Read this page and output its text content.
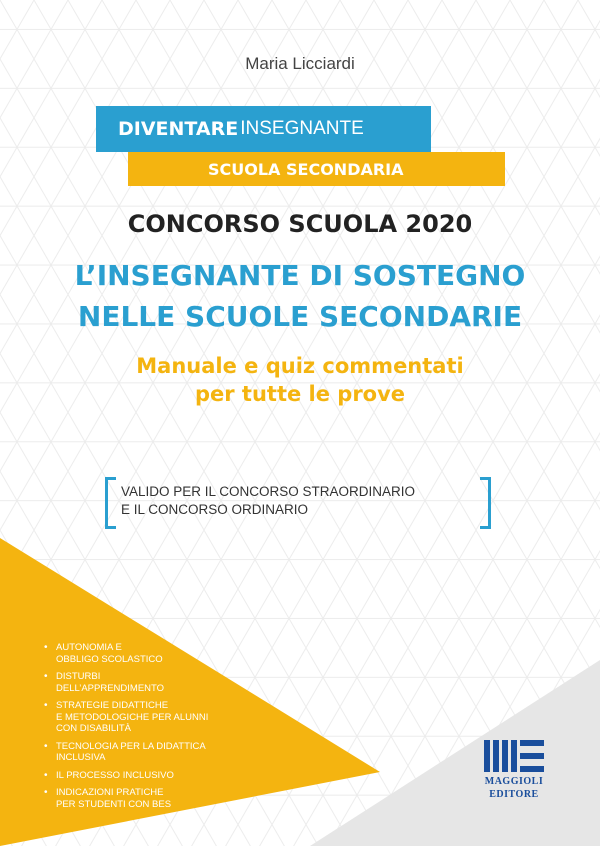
Maria Licciardi
DIVENTARE INSEGNANTE
SCUOLA SECONDARIA
CONCORSO SCUOLA 2020
L’INSEGNANTE DI SOSTEGNO
NELLE SCUOLE SECONDARIE
Manuale e quiz commentati
per tutte le prove
VALIDO PER IL CONCORSO STRAORDINARIO
E IL CONCORSO ORDINARIO
• AUTONOMIA E
OBBLIGO SCOLASTICO
• DISTURBI
DELL’APPRENDIMENTO
• STRATEGIE DIDATTICHE
E METODOLOGICHE PER ALUNNI
CON DISABILITÀ
• TECNOLOGIA PER LA DIDATTICA
INCLUSIVA
• IL PROCESSO INCLUSIVO
• INDICAZIONI PRATICHE
PER STUDENTI CON BES
MAGGIOLI
EDITORE
